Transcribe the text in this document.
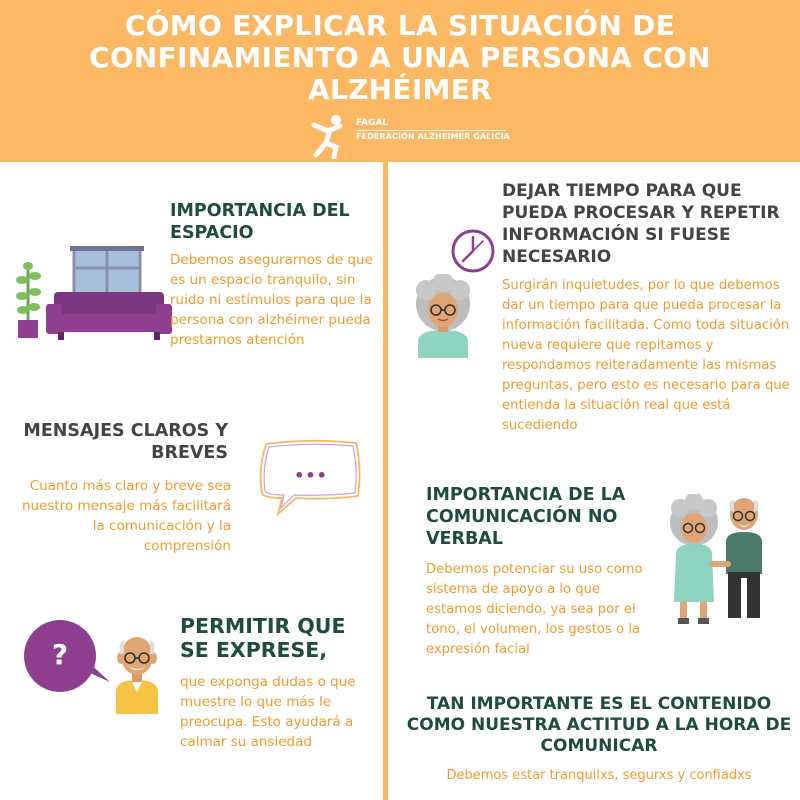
CÓMO EXPLICAR LA SITUACIÓN DE CONFINAMIENTO A UNA PERSONA CON ALZHÉIMER
FAGAL
FEDERACIÓN ALZHEIMER GALICIA
IMPORTANCIA DEL ESPACIO
Debemos asegurarnos de que es un espacio tranquilo, sin ruido ni estímulos para que la persona con alzhéimer pueda prestarnos atención
MENSAJES CLAROS Y BREVES
Cuanto más claro y breve sea nuestro mensaje más facilitará la comunicación y la comprensión
•••
?
PERMITIR QUE SE EXPRESE,
que exponga dudas o que muestre lo que más le preocupa. Esto ayudará a calmar su ansiedad
DEJAR TIEMPO PARA QUE PUEDA PROCESAR Y REPETIR INFORMACIÓN SI FUESE NECESARIO
Surgirán inquietudes, por lo que debemos dar un tiempo para que pueda procesar la información facilitada. Como toda situación nueva requiere que repitamos y respondamos reiteradamente las mismas preguntas, pero esto es necesario para que entienda la situación real que está sucediendo
IMPORTANCIA DE LA COMUNICACIÓN NO VERBAL
Debemos potenciar su uso como sistema de apoyo a lo que estamos diciendo, ya sea por el tono, el volumen, los gestos o la expresión facial
TAN IMPORTANTE ES EL CONTENIDO COMO NUESTRA ACTITUD A LA HORA DE COMUNICAR
Debemos estar tranquilxs, segurxs y confiadxs
